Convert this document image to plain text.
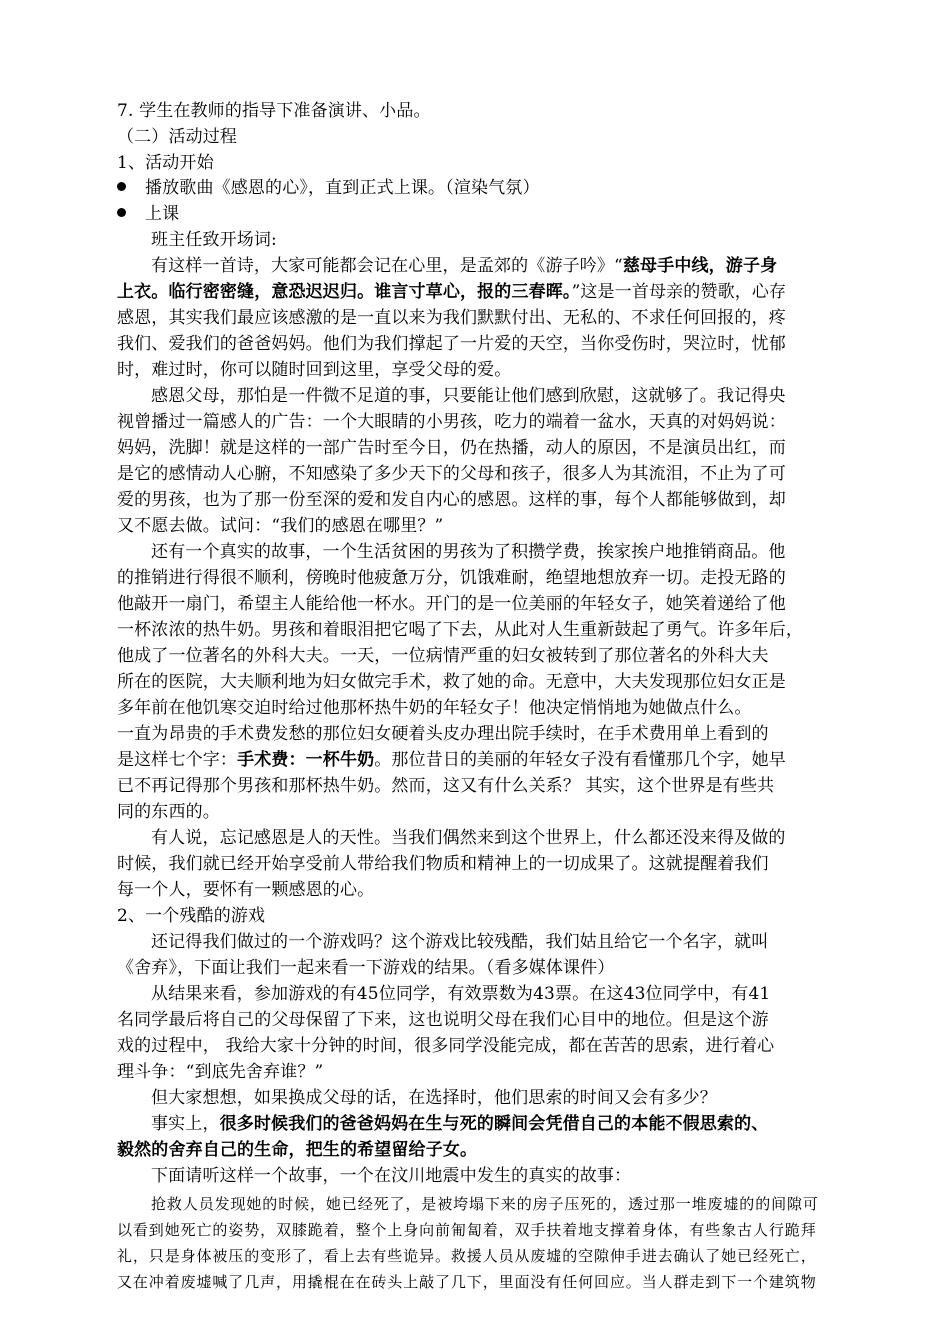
7. 学生在教师的指导下准备演讲、小品。
（二）活动过程
1、活动开始
播放歌曲《感恩的心》，直到正式上课。（渲染气氛）
上课
班主任致开场词:
有这样一首诗，大家可能都会记在心里，是孟郊的《游子吟》“慈母手中线，游子身
上衣。临行密密缝，意恐迟迟归。谁言寸草心，报的三春晖。”这是一首母亲的赞歌，心存
感恩，其实我们最应该感激的是一直以来为我们默默付出、无私的、不求任何回报的，疼
我们、爱我们的爸爸妈妈。他们为我们撑起了一片爱的天空，当你受伤时，哭泣时，忧郁
时，难过时，你可以随时回到这里，享受父母的爱。
感恩父母，那怕是一件微不足道的事，只要能让他们感到欣慰，这就够了。我记得央
视曾播过一篇感人的广告：一个大眼睛的小男孩，吃力的端着一盆水，天真的对妈妈说：
妈妈，洗脚！就是这样的一部广告时至今日，仍在热播，动人的原因，不是演员出红，而
是它的感情动人心腑，不知感染了多少天下的父母和孩子，很多人为其流泪，不止为了可
爱的男孩，也为了那一份至深的爱和发自内心的感恩。这样的事，每个人都能够做到，却
又不愿去做。试问：“我们的感恩在哪里？”
还有一个真实的故事，一个生活贫困的男孩为了积攒学费，挨家挨户地推销商品。他
的推销进行得很不顺利，傍晚时他疲惫万分，饥饿难耐，绝望地想放弃一切。走投无路的
他敲开一扇门，希望主人能给他一杯水。开门的是一位美丽的年轻女子，她笑着递给了他
一杯浓浓的热牛奶。男孩和着眼泪把它喝了下去，从此对人生重新鼓起了勇气。许多年后，
他成了一位著名的外科大夫。一天，一位病情严重的妇女被转到了那位著名的外科大夫
所在的医院，大夫顺利地为妇女做完手术，救了她的命。无意中，大夫发现那位妇女正是
多年前在他饥寒交迫时给过他那杯热牛奶的年轻女子！他决定悄悄地为她做点什么。
一直为昂贵的手术费发愁的那位妇女硬着头皮办理出院手续时，在手术费用单上看到的
是这样七个字：手术费：一杯牛奶。那位昔日的美丽的年轻女子没有看懂那几个字，她早
已不再记得那个男孩和那杯热牛奶。然而，这又有什么关系？ 其实，这个世界是有些共
同的东西的。
有人说，忘记感恩是人的天性。当我们偶然来到这个世界上，什么都还没来得及做的
时候，我们就已经开始享受前人带给我们物质和精神上的一切成果了。这就提醒着我们
每一个人，要怀有一颗感恩的心。
2、一个残酷的游戏
还记得我们做过的一个游戏吗？这个游戏比较残酷，我们姑且给它一个名字，就叫
《舍弃》，下面让我们一起来看一下游戏的结果。（看多媒体课件）
从结果来看，参加游戏的有45位同学，有效票数为43票。在这43位同学中，有41
名同学最后将自己的父母保留了下来，这也说明父母在我们心目中的地位。但是这个游
戏的过程中， 我给大家十分钟的时间，很多同学没能完成，都在苦苦的思索，进行着心
理斗争：“到底先舍弃谁？”
但大家想想，如果换成父母的话，在选择时，他们思索的时间又会有多少？
事实上，很多时候我们的爸爸妈妈在生与死的瞬间会凭借自己的本能不假思索的、
毅然的舍弃自己的生命，把生的希望留给子女。
下面请听这样一个故事，一个在汶川地震中发生的真实的故事：
抢救人员发现她的时候，她已经死了，是被垮塌下来的房子压死的，透过那一堆废墟的的间隙可
以看到她死亡的姿势，双膝跪着，整个上身向前匍匐着，双手扶着地支撑着身体，有些象古人行跪拜
礼，只是身体被压的变形了，看上去有些诡异。救援人员从废墟的空隙伸手进去确认了她已经死亡，
又在冲着废墟喊了几声，用撬棍在在砖头上敲了几下，里面没有任何回应。当人群走到下一个建筑物
